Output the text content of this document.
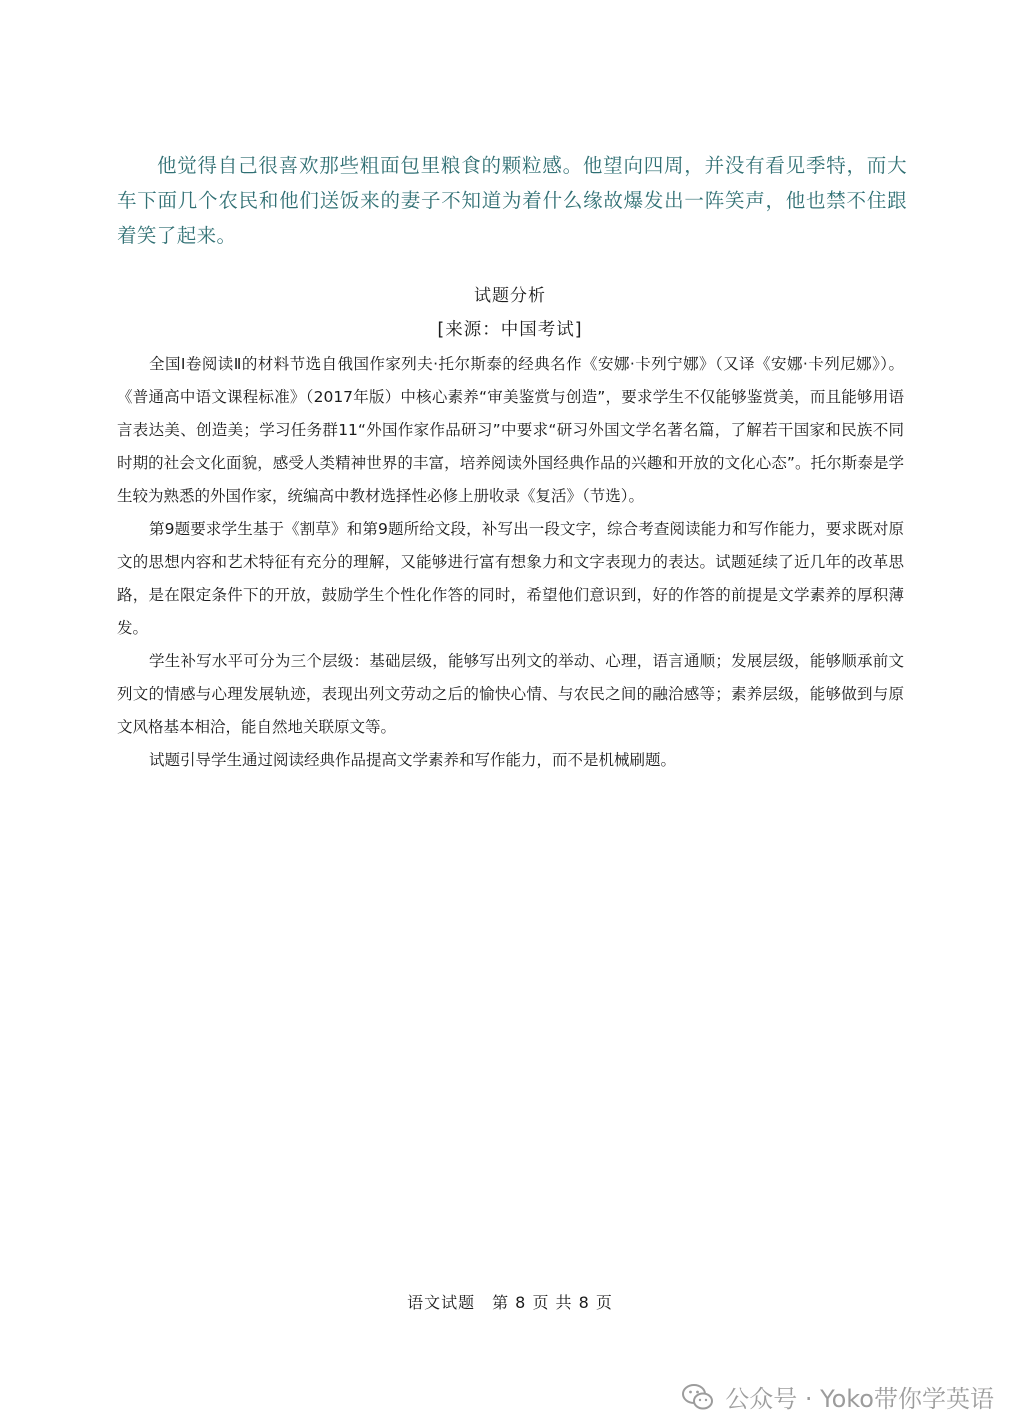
他觉得自己很喜欢那些粗面包里粮食的颗粒感。他望向四周，并没有看见季特，而大车下面几个农民和他们送饭来的妻子不知道为着什么缘故爆发出一阵笑声，他也禁不住跟着笑了起来。
试题分析
[来源：中国考试]

全国Ⅰ卷阅读Ⅱ的材料节选自俄国作家列夫·托尔斯泰的经典名作《安娜·卡列宁娜》（又译《安娜·卡列尼娜》）。《普通高中语文课程标准》（2017年版）中核心素养“审美鉴赏与创造”，要求学生不仅能够鉴赏美，而且能够用语言表达美、创造美；学习任务群11“外国作家作品研习”中要求“研习外国文学名著名篇，了解若干国家和民族不同时期的社会文化面貌，感受人类精神世界的丰富，培养阅读外国经典作品的兴趣和开放的文化心态”。托尔斯泰是学生较为熟悉的外国作家，统编高中教材选择性必修上册收录《复活》（节选）。

第9题要求学生基于《割草》和第9题所给文段，补写出一段文字，综合考查阅读能力和写作能力，要求既对原文的思想内容和艺术特征有充分的理解，又能够进行富有想象力和文字表现力的表达。试题延续了近几年的改革思路，是在限定条件下的开放，鼓励学生个性化作答的同时，希望他们意识到，好的作答的前提是文学素养的厚积薄发。

学生补写水平可分为三个层级：基础层级，能够写出列文的举动、心理，语言通顺；发展层级，能够顺承前文列文的情感与心理发展轨迹，表现出列文劳动之后的愉快心情、与农民之间的融洽感等；素养层级，能够做到与原文风格基本相洽，能自然地关联原文等。

试题引导学生通过阅读经典作品提高文学素养和写作能力，而不是机械刷题。

语文试题　第 8 页 共 8 页
公众号 · Yoko带你学英语
